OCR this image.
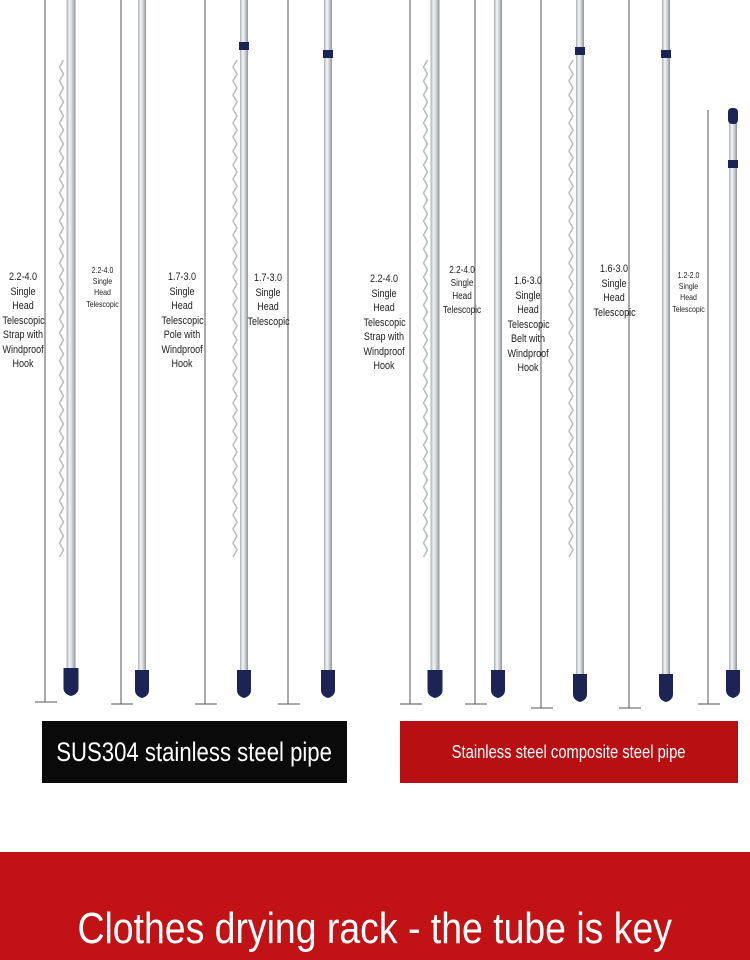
2.2-4.0
Single
Head
Telescopic
Strap with
Windproof
Hook
2.2-4.0
Single
Head
Telescopic
1.7-3.0
Single
Head
Telescopic
Pole with
Windproof
Hook
1.7-3.0
Single
Head
Telescopic
2.2-4.0
Single
Head
Telescopic
Strap with
Windproof
Hook
2.2-4.0
Single
Head
Telescopic
1.6-3.0
Single
Head
Telescopic
Belt with
Windproof
Hook
1.6-3.0
Single
Head
Telescopic
1.2-2.0
Single
Head
Telescopic
SUS304 stainless steel pipe	Stainless steel composite steel pipe
Clothes drying rack - the tube is key
